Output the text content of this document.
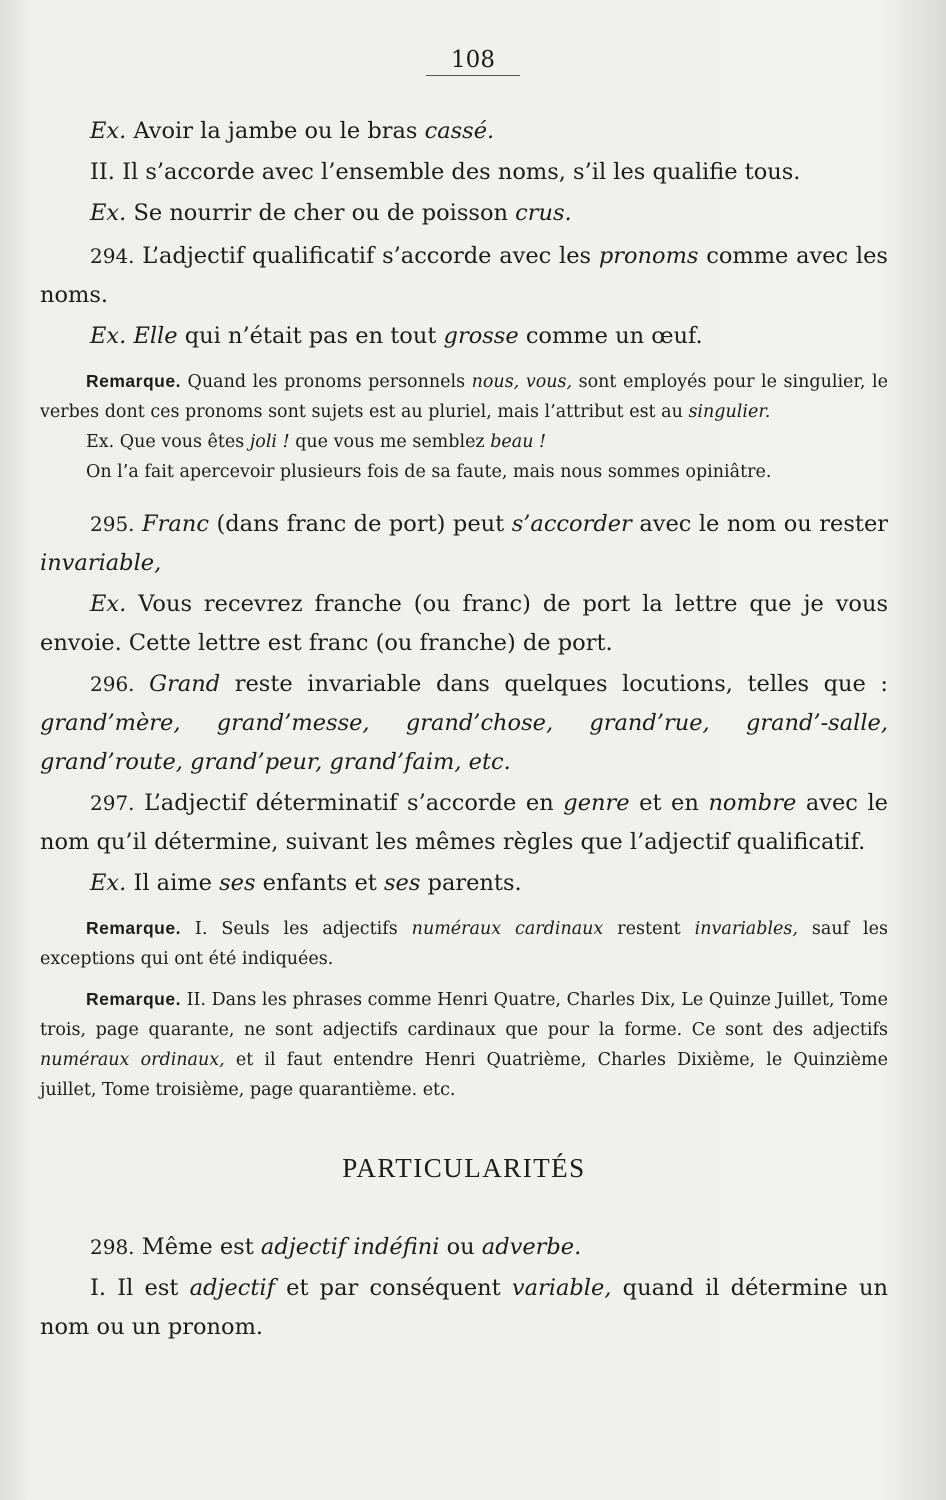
108

Ex. Avoir la jambe ou le bras cassé.

II. Il s’accorde avec l’ensemble des noms, s’il les qualifie tous.

Ex. Se nourrir de cher ou de poisson crus.

294. L’adjectif qualificatif s’accorde avec les pronoms comme avec les noms.

Ex. Elle qui n’était pas en tout grosse comme un œuf.

Remarque. Quand les pronoms personnels nous, vous, sont employés pour le singulier, le verbes dont ces pronoms sont sujets est au pluriel, mais l’attribut est au singulier.

Ex. Que vous êtes joli ! que vous me semblez beau !

On l’a fait apercevoir plusieurs fois de sa faute, mais nous sommes opiniâtre.

295. Franc (dans franc de port) peut s’accorder avec le nom ou rester invariable,

Ex. Vous recevrez franche (ou franc) de port la lettre que je vous envoie. Cette lettre est franc (ou franche) de port.

296. Grand reste invariable dans quelques locutions, telles que : grand’mère, grand’messe, grand’chose, grand’rue, grand’-salle, grand’route, grand’peur, grand’faim, etc.

297. L’adjectif déterminatif s’accorde en genre et en nombre avec le nom qu’il détermine, suivant les mêmes règles que l’adjectif qualificatif.

Ex. Il aime ses enfants et ses parents.

Remarque. I. Seuls les adjectifs numéraux cardinaux restent invariables, sauf les exceptions qui ont été indiquées.

Remarque. II. Dans les phrases comme Henri Quatre, Charles Dix, Le Quinze Juillet, Tome trois, page quarante, ne sont adjectifs cardinaux que pour la forme. Ce sont des adjectifs numéraux ordinaux, et il faut entendre Henri Quatrième, Charles Dixième, le Quinzième juillet, Tome troisième, page quarantième. etc.

PARTICULARITÉS

298. Même est adjectif indéfini ou adverbe.

I. Il est adjectif et par conséquent variable, quand il détermine un nom ou un pronom.
